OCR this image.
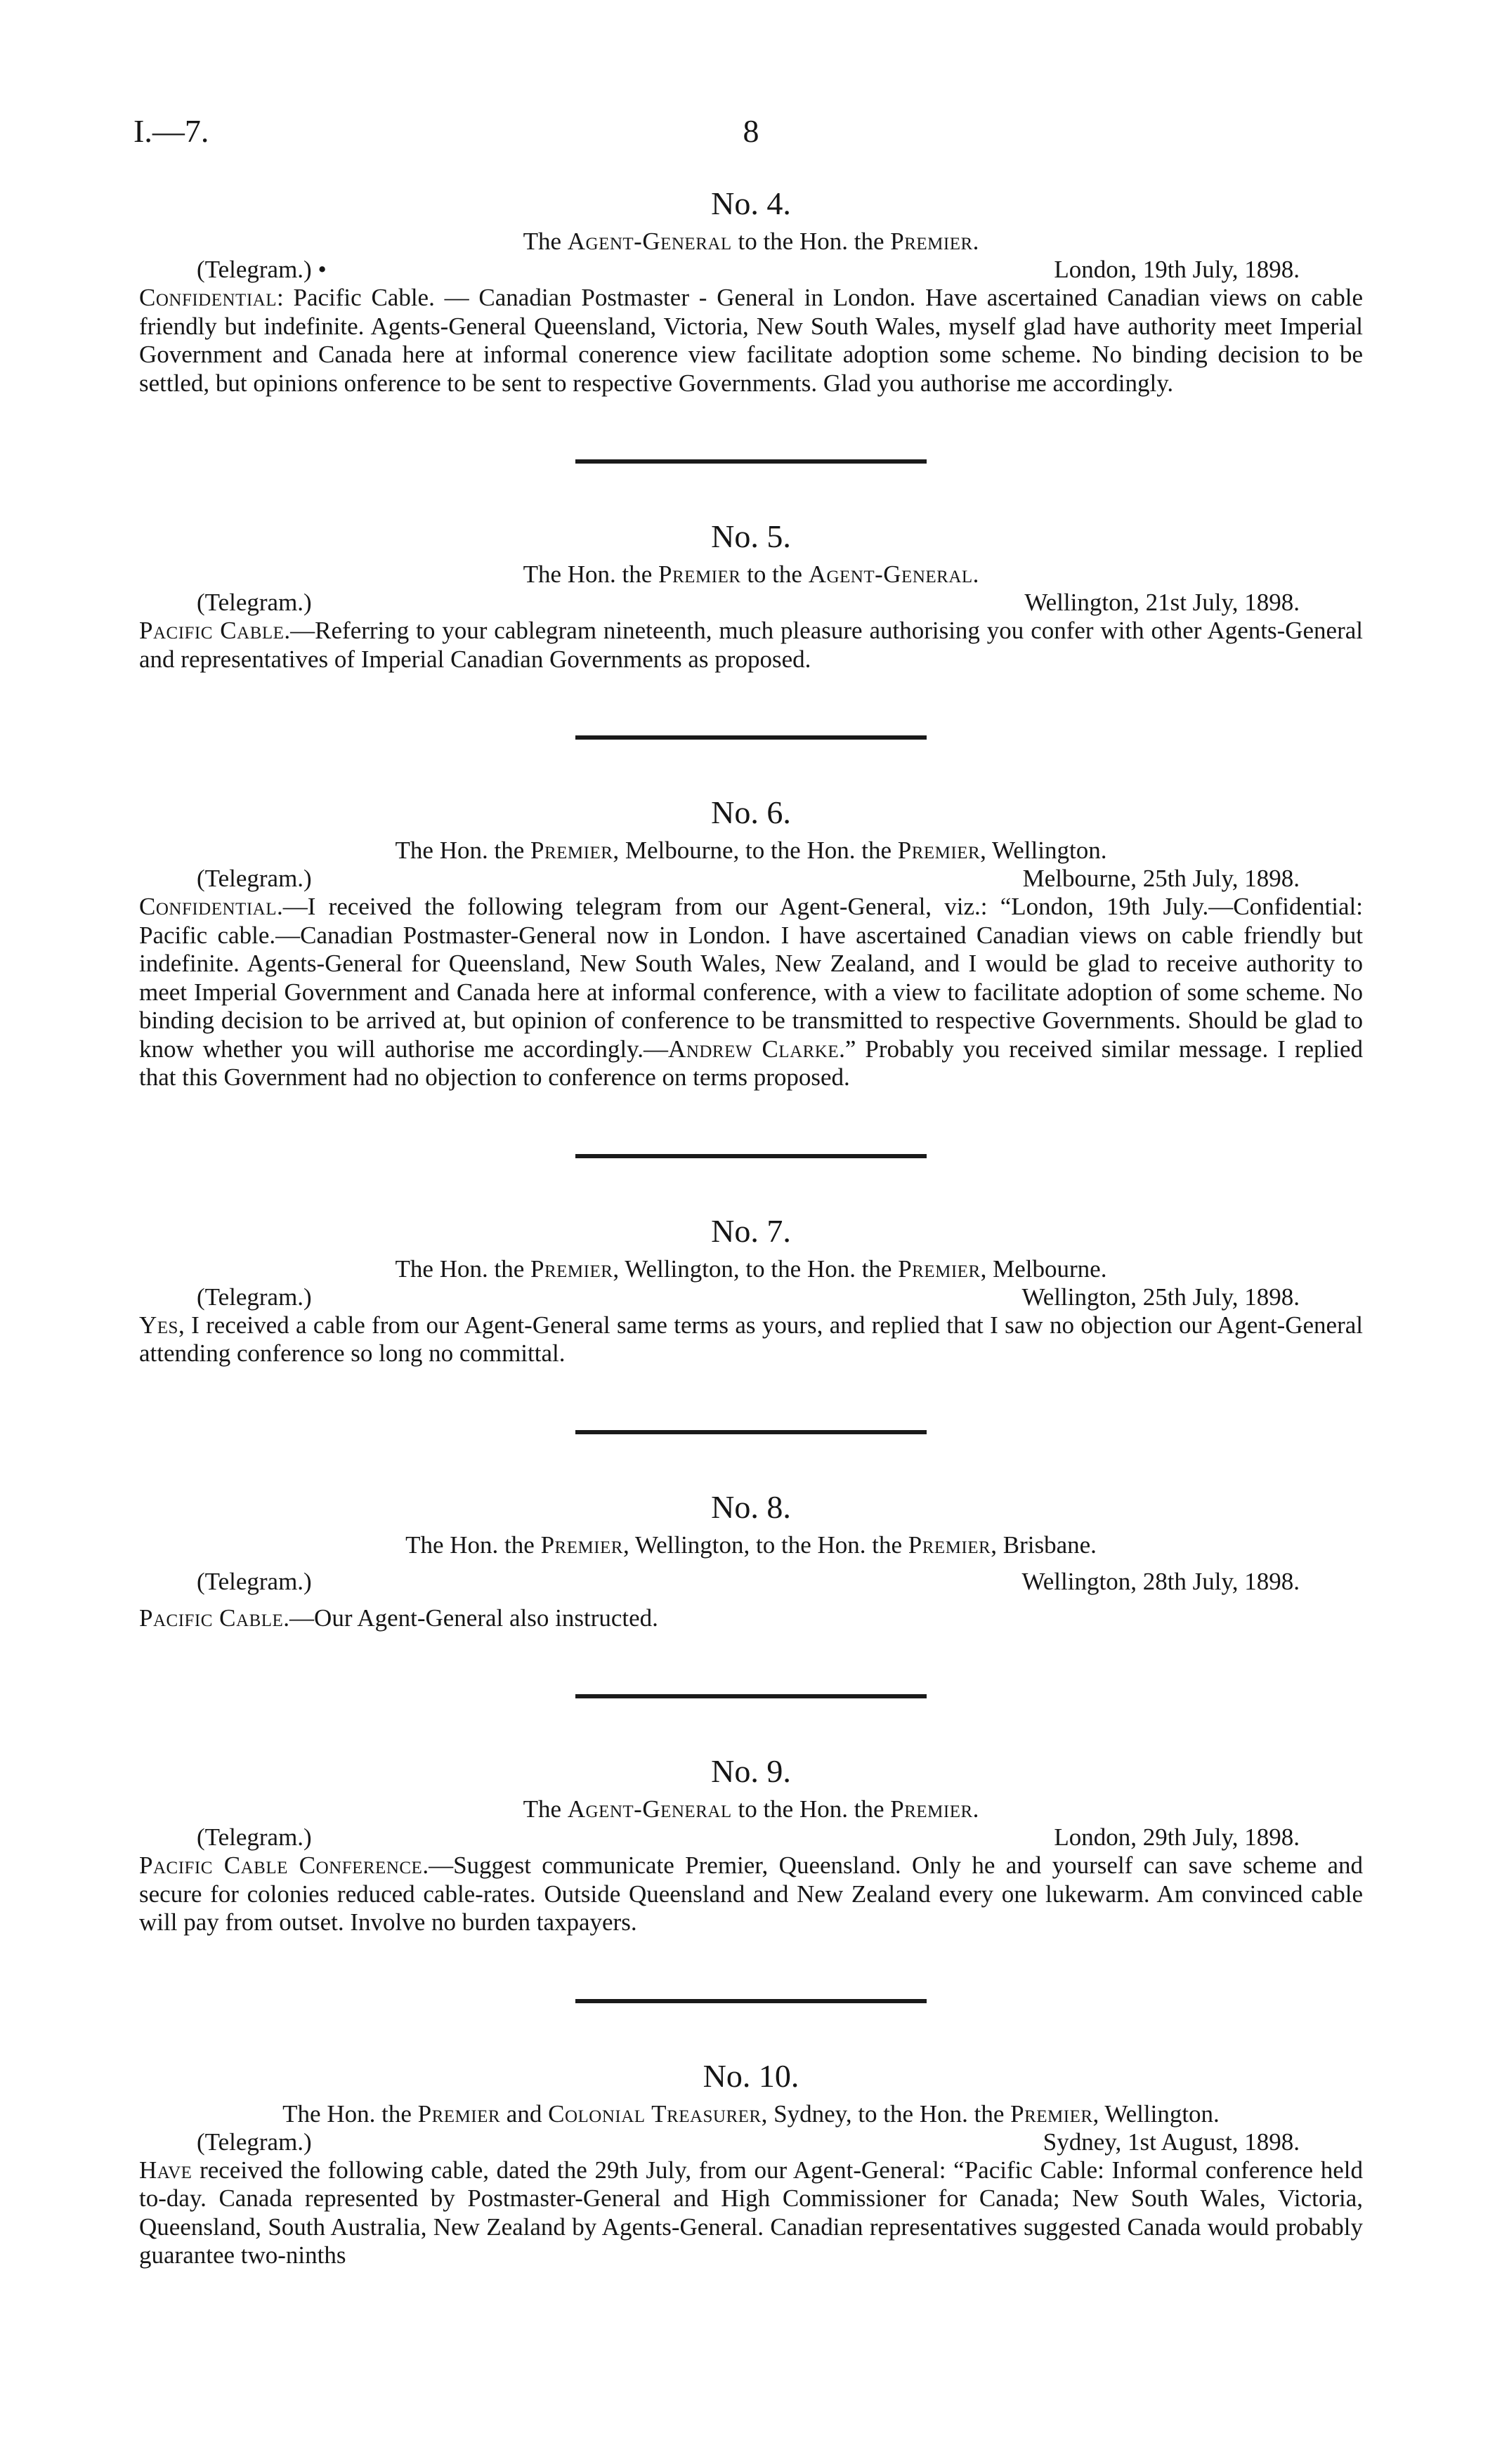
I.—7.	8
No. 4.
The Agent-General to the Hon. the Premier.
(Telegram.) •	London, 19th July, 1898.

Confidential: Pacific Cable. — Canadian Postmaster - General in London. Have ascertained Canadian views on cable friendly but indefinite. Agents-General Queensland, Victoria, New South Wales, myself glad have authority meet Imperial Government and Canada here at informal conerence view facilitate adoption some scheme. No binding decision to be settled, but opinions onference to be sent to respective Governments. Glad you authorise me accordingly.

No. 5.
The Hon. the Premier to the Agent-General.
(Telegram.)	Wellington, 21st July, 1898.

Pacific Cable.—Referring to your cablegram nineteenth, much pleasure authorising you confer with other Agents-General and representatives of Imperial Canadian Governments as proposed.

No. 6.
The Hon. the Premier, Melbourne, to the Hon. the Premier, Wellington.
(Telegram.)	Melbourne, 25th July, 1898.

Confidential.—I received the following telegram from our Agent-General, viz.: “London, 19th July.—Confidential: Pacific cable.—Canadian Postmaster-General now in London. I have ascertained Canadian views on cable friendly but indefinite. Agents-General for Queensland, New South Wales, New Zealand, and I would be glad to receive authority to meet Imperial Government and Canada here at informal conference, with a view to facilitate adoption of some scheme. No binding decision to be arrived at, but opinion of conference to be transmitted to respective Governments. Should be glad to know whether you will authorise me accordingly.—Andrew Clarke.” Probably you received similar message. I replied that this Government had no objection to conference on terms proposed.

No. 7.
The Hon. the Premier, Wellington, to the Hon. the Premier, Melbourne.
(Telegram.)	Wellington, 25th July, 1898.

Yes, I received a cable from our Agent-General same terms as yours, and replied that I saw no objection our Agent-General attending conference so long no committal.

No. 8.
The Hon. the Premier, Wellington, to the Hon. the Premier, Brisbane.
(Telegram.)	Wellington, 28th July, 1898.

Pacific Cable.—Our Agent-General also instructed.

No. 9.
The Agent-General to the Hon. the Premier.
(Telegram.)	London, 29th July, 1898.

Pacific Cable Conference.—Suggest communicate Premier, Queensland. Only he and yourself can save scheme and secure for colonies reduced cable-rates. Outside Queensland and New Zealand every one lukewarm. Am convinced cable will pay from outset. Involve no burden taxpayers.

No. 10.
The Hon. the Premier and Colonial Treasurer, Sydney, to the Hon. the Premier, Wellington.
(Telegram.)	Sydney, 1st August, 1898.

Have received the following cable, dated the 29th July, from our Agent-General: “Pacific Cable: Informal conference held to-day. Canada represented by Postmaster-General and High Commissioner for Canada; New South Wales, Victoria, Queensland, South Australia, New Zealand by Agents-General. Canadian representatives suggested Canada would probably guarantee two-ninths
